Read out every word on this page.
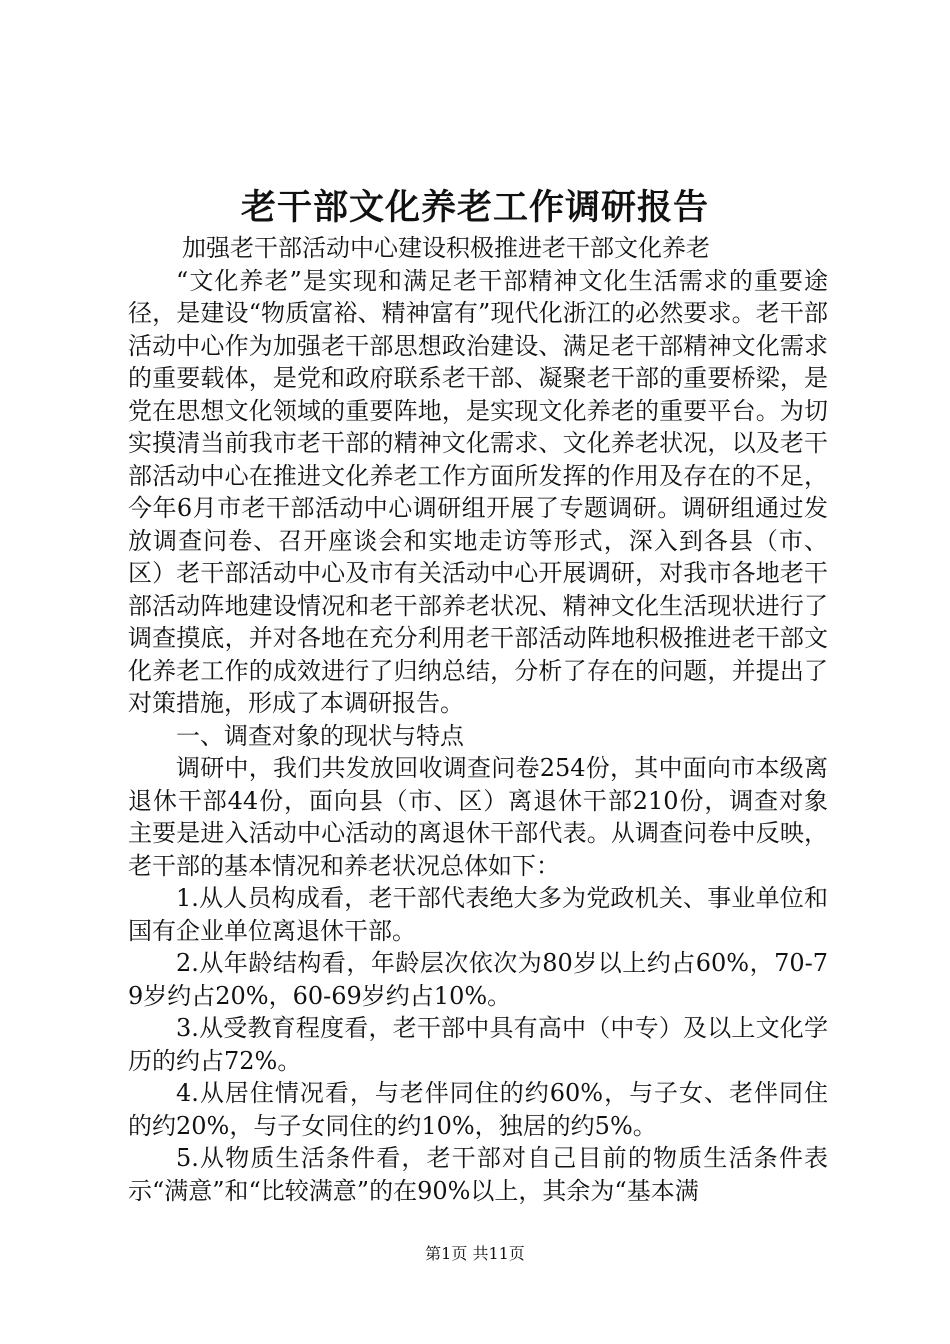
老干部文化养老工作调研报告

加强老干部活动中心建设积极推进老干部文化养老

“文化养老”是实现和满足老干部精神文化生活需求的重要途径，是建设“物质富裕、精神富有”现代化浙江的必然要求。老干部活动中心作为加强老干部思想政治建设、满足老干部精神文化需求的重要载体，是党和政府联系老干部、凝聚老干部的重要桥梁，是党在思想文化领域的重要阵地，是实现文化养老的重要平台。为切实摸清当前我市老干部的精神文化需求、文化养老状况，以及老干部活动中心在推进文化养老工作方面所发挥的作用及存在的不足，今年6月市老干部活动中心调研组开展了专题调研。调研组通过发放调查问卷、召开座谈会和实地走访等形式，深入到各县（市、区）老干部活动中心及市有关活动中心开展调研，对我市各地老干部活动阵地建设情况和老干部养老状况、精神文化生活现状进行了调查摸底，并对各地在充分利用老干部活动阵地积极推进老干部文化养老工作的成效进行了归纳总结，分析了存在的问题，并提出了对策措施，形成了本调研报告。

一、调查对象的现状与特点

调研中，我们共发放回收调查问卷254份，其中面向市本级离退休干部44份，面向县（市、区）离退休干部210份，调查对象主要是进入活动中心活动的离退休干部代表。从调查问卷中反映，老干部的基本情况和养老状况总体如下：

1.从人员构成看，老干部代表绝大多为党政机关、事业单位和国有企业单位离退休干部。

2.从年龄结构看，年龄层次依次为80岁以上约占60%，70-79岁约占20%，60-69岁约占10%。

3.从受教育程度看，老干部中具有高中（中专）及以上文化学历的约占72%。

4.从居住情况看，与老伴同住的约60%，与子女、老伴同住的约20%，与子女同住的约10%，独居的约5%。

5.从物质生活条件看，老干部对自己目前的物质生活条件表示“满意”和“比较满意”的在90%以上，其余为“基本满

第1页 共11页
